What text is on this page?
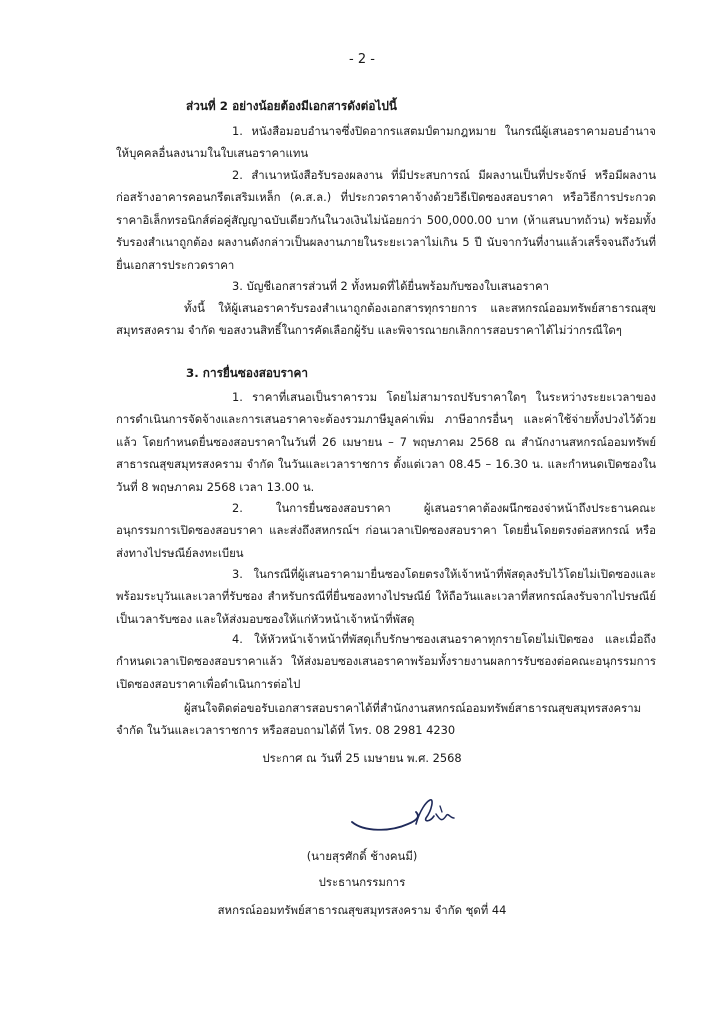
- 2 -

ส่วนที่ 2 อย่างน้อยต้องมีเอกสารดังต่อไปนี้

1. หนังสือมอบอำนาจซึ่งปิดอากรแสตมป์ตามกฎหมาย ในกรณีผู้เสนอราคามอบอำนาจให้บุคคลอื่นลงนามในใบเสนอราคาแทน

2. สำเนาหนังสือรับรองผลงาน ที่มีประสบการณ์ มีผลงานเป็นที่ประจักษ์ หรือมีผลงานก่อสร้างอาคารคอนกรีตเสริมเหล็ก (ค.ส.ล.) ที่ประกวดราคาจ้างด้วยวิธีเปิดซองสอบราคา หรือวิธีการประกวดราคาอิเล็กทรอนิกส์ต่อคู่สัญญาฉบับเดียวกันในวงเงินไม่น้อยกว่า 500,000.00 บาท (ห้าแสนบาทถ้วน) พร้อมทั้งรับรองสำเนาถูกต้อง ผลงานดังกล่าวเป็นผลงานภายในระยะเวลาไม่เกิน 5 ปี นับจากวันที่งานแล้วเสร็จจนถึงวันที่ยื่นเอกสารประกวดราคา

3. บัญชีเอกสารส่วนที่ 2 ทั้งหมดที่ได้ยื่นพร้อมกับซองใบเสนอราคา

ทั้งนี้ ให้ผู้เสนอราคารับรองสำเนาถูกต้องเอกสารทุกรายการ และสหกรณ์ออมทรัพย์สาธารณสุขสมุทรสงคราม จำกัด ขอสงวนสิทธิ์ในการคัดเลือกผู้รับ และพิจารณายกเลิกการสอบราคาได้ไม่ว่ากรณีใดๆ

3. การยื่นซองสอบราคา

1. ราคาที่เสนอเป็นราคารวม โดยไม่สามารถปรับราคาใดๆ ในระหว่างระยะเวลาของการดำเนินการจัดจ้างและการเสนอราคาจะต้องรวมภาษีมูลค่าเพิ่ม ภาษีอากรอื่นๆ และค่าใช้จ่ายทั้งปวงไว้ด้วยแล้ว โดยกำหนดยื่นซองสอบราคาในวันที่ 26 เมษายน – 7 พฤษภาคม 2568 ณ สำนักงานสหกรณ์ออมทรัพย์สาธารณสุขสมุทรสงคราม จำกัด ในวันและเวลาราชการ ตั้งแต่เวลา 08.45 – 16.30 น. และกำหนดเปิดซองในวันที่ 8 พฤษภาคม 2568 เวลา 13.00 น.

2. ในการยื่นซองสอบราคา ผู้เสนอราคาต้องผนึกซองจ่าหน้าถึงประธานคณะอนุกรรมการเปิดซองสอบราคา และส่งถึงสหกรณ์ฯ ก่อนเวลาเปิดซองสอบราคา โดยยื่นโดยตรงต่อสหกรณ์ หรือส่งทางไปรษณีย์ลงทะเบียน

3. ในกรณีที่ผู้เสนอราคามายื่นซองโดยตรงให้เจ้าหน้าที่พัสดุลงรับไว้โดยไม่เปิดซองและพร้อมระบุวันและเวลาที่รับซอง สำหรับกรณีที่ยื่นซองทางไปรษณีย์ ให้ถือวันและเวลาที่สหกรณ์ลงรับจากไปรษณีย์เป็นเวลารับซอง และให้ส่งมอบซองให้แก่หัวหน้าเจ้าหน้าที่พัสดุ

4. ให้หัวหน้าเจ้าหน้าที่พัสดุเก็บรักษาซองเสนอราคาทุกรายโดยไม่เปิดซอง และเมื่อถึงกำหนดเวลาเปิดซองสอบราคาแล้ว ให้ส่งมอบซองเสนอราคาพร้อมทั้งรายงานผลการรับซองต่อคณะอนุกรรมการเปิดซองสอบราคาเพื่อดำเนินการต่อไป

ผู้สนใจติดต่อขอรับเอกสารสอบราคาได้ที่สำนักงานสหกรณ์ออมทรัพย์สาธารณสุขสมุทรสงคราม จำกัด ในวันและเวลาราชการ หรือสอบถามได้ที่ โทร. 08 2981 4230

ประกาศ ณ วันที่ 25 เมษายน พ.ศ. 2568

(นายสุรศักดิ์ ช้างคนมี)

ประธานกรรมการ

สหกรณ์ออมทรัพย์สาธารณสุขสมุทรสงคราม จำกัด ชุดที่ 44
